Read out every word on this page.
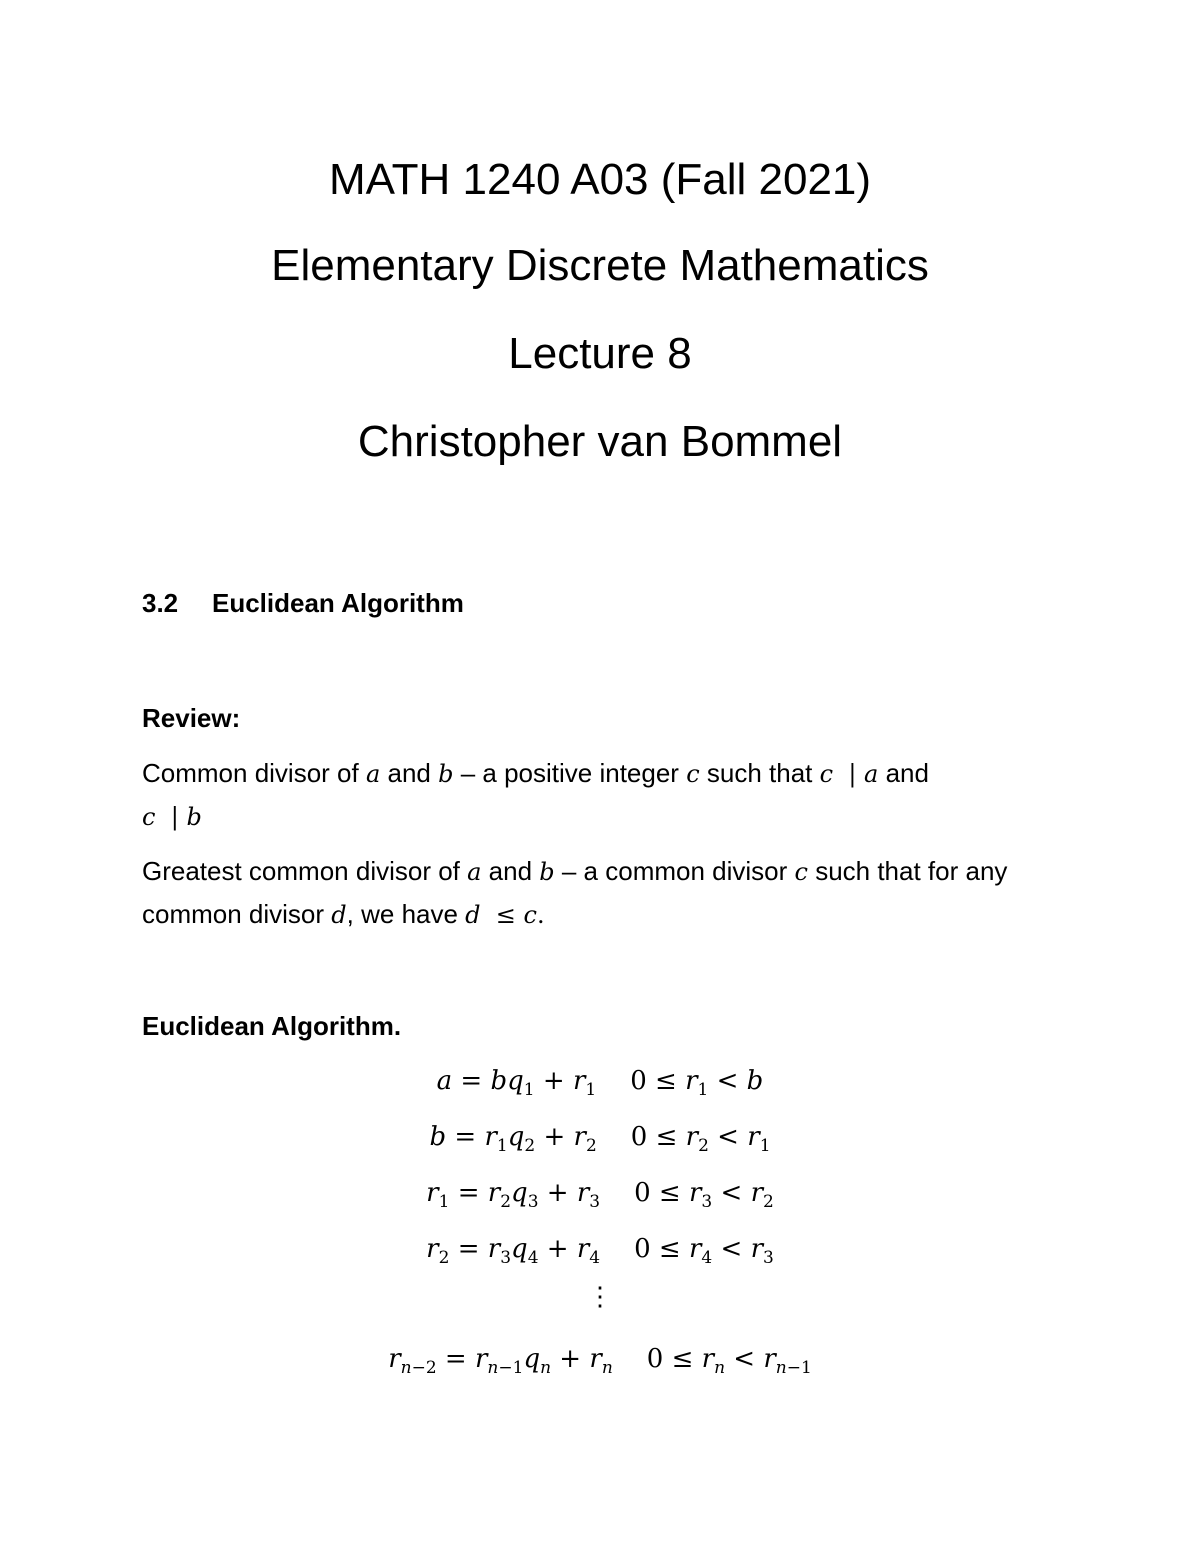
MATH 1240 A03 (Fall 2021)
Elementary Discrete Mathematics
Lecture 8
Christopher van Bommel
3.2 Euclidean Algorithm
Review:
Common divisor of a and b – a positive integer c such that c  | a and
c  | b
Greatest common divisor of a and b – a common divisor c such that for any common divisor d, we have d  ≤ c.
Euclidean Algorithm.
$a = bq_1 + r_1$ $0 \le r_1 < b$
$b = r_1q_2 + r_2$ $0 \le r_2 < r_1$
$r_1 = r_2q_3 + r_3$ $0 \le r_3 < r_2$
$r_2 = r_3q_4 + r_4$ $0 \le r_4 < r_3$
⋮
$r_{n-2} = r_{n-1}q_n + r_n$ $0 \le r_n < r_{n-1}$
